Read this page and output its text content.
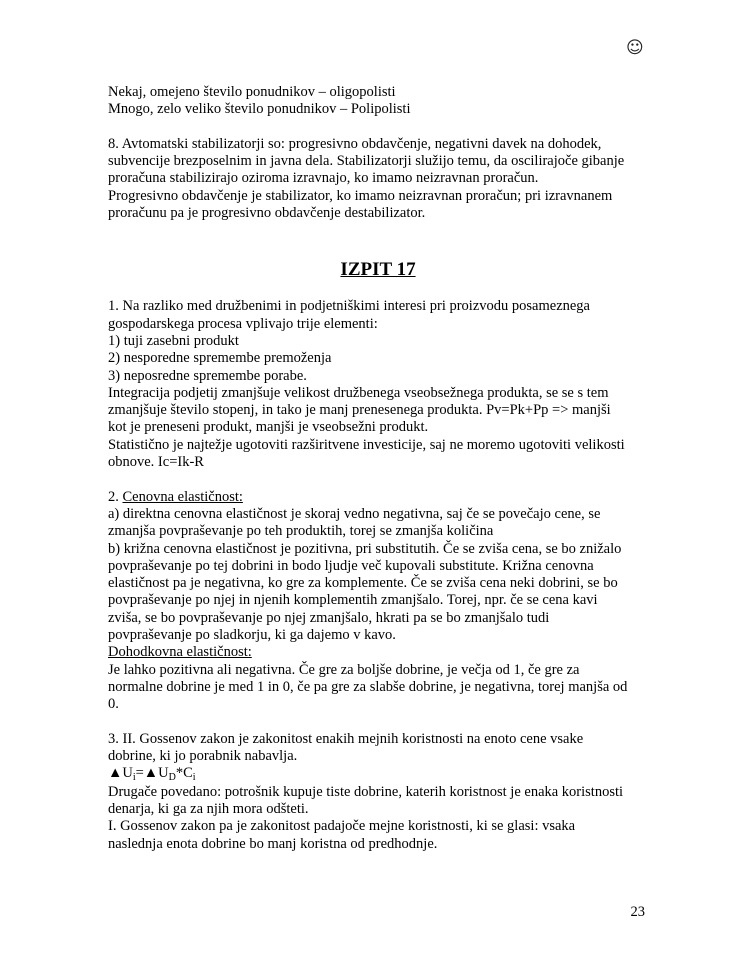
☺
Nekaj, omejeno število ponudnikov – oligopolisti
Mnogo, zelo veliko število ponudnikov – Polipolisti
8. Avtomatski stabilizatorji so: progresivno obdavčenje, negativni davek na dohodek,
subvencije brezposelnim in javna dela. Stabilizatorji služijo temu, da oscilirajoče gibanje
proračuna stabilizirajo oziroma izravnajo, ko imamo neizravnan proračun.
Progresivno obdavčenje je stabilizator, ko imamo neizravnan proračun; pri izravnanem
proračunu pa je progresivno obdavčenje destabilizator.
IZPIT 17
1. Na razliko med družbenimi in podjetniškimi interesi pri proizvodu posameznega
gospodarskega procesa vplivajo trije elementi:
1) tuji zasebni produkt
2) nesporedne spremembe premoženja
3) neposredne spremembe porabe.
Integracija podjetij zmanjšuje velikost družbenega vseobsežnega produkta, se se s tem
zmanjšuje število stopenj, in tako je manj prenesenega produkta. Pv=Pk+Pp => manjši
kot je preneseni produkt, manjši je vseobsežni produkt.
Statistično je najtežje ugotoviti razširitvene investicije, saj ne moremo ugotoviti velikosti
obnove. Ic=Ik-R
2. Cenovna elastičnost:
a) direktna cenovna elastičnost je skoraj vedno negativna, saj če se povečajo cene, se
zmanjša povpraševanje po teh produktih, torej se zmanjša količina
b) križna cenovna elastičnost je pozitivna, pri substitutih. Če se zviša cena, se bo znižalo
povpraševanje po tej dobrini in bodo ljudje več kupovali substitute. Križna cenovna
elastičnost pa je negativna, ko gre za komplemente. Če se zviša cena neki dobrini, se bo
povpraševanje po njej in njenih komplementih zmanjšalo. Torej, npr. če se cena kavi
zviša, se bo povpraševanje po njej zmanjšalo, hkrati pa se bo zmanjšalo tudi
povpraševanje po sladkorju, ki ga dajemo v kavo.
Dohodkovna elastičnost:
Je lahko pozitivna ali negativna. Če gre za boljše dobrine, je večja od 1, če gre za
normalne dobrine je med 1 in 0, če pa gre za slabše dobrine, je negativna, torej manjša od
0.
3. II. Gossenov zakon je zakonitost enakih mejnih koristnosti na enoto cene vsake
dobrine, ki jo porabnik nabavlja.
$▲U_i=▲U_D*C_i$
Drugače povedano: potrošnik kupuje tiste dobrine, katerih koristnost je enaka koristnosti
denarja, ki ga za njih mora odšteti.
I. Gossenov zakon pa je zakonitost padajoče mejne koristnosti, ki se glasi: vsaka
naslednja enota dobrine bo manj koristna od predhodnje.
23
